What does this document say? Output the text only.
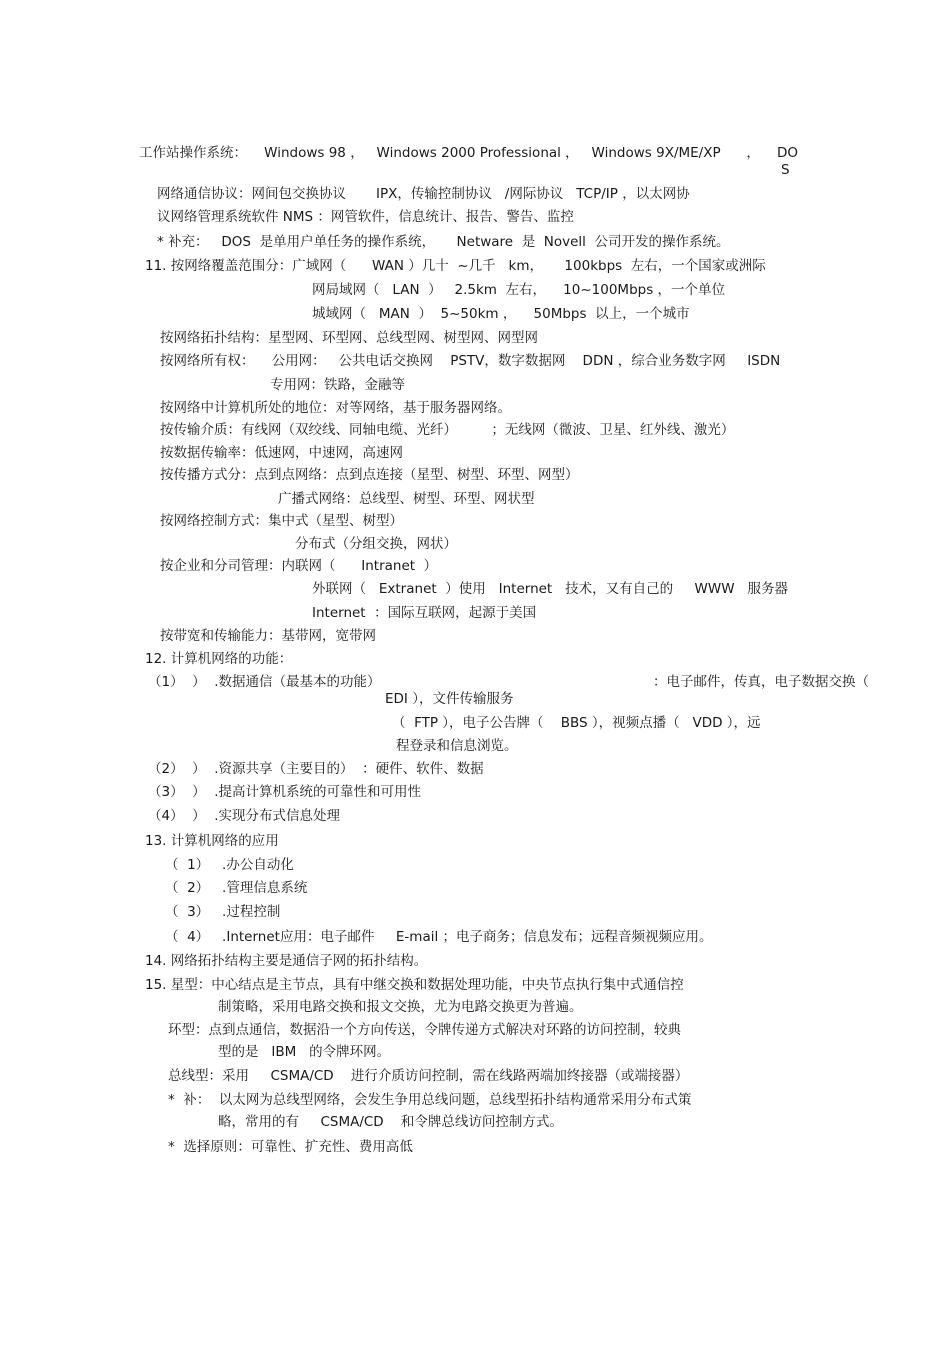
工作站操作系统：    Windows 98 ，   Windows 2000 Professional ，   Windows 9X/ME/XP      ，    DO
S
网络通信协议：网间包交换协议       IPX，传输控制协议   /网际协议   TCP/IP ，以太网协
议网络管理系统软件 NMS ：网管软件，信息统计、报告、警告、监控
* 补充：   DOS  是单用户单任务的操作系统，     Netware  是  Novell  公司开发的操作系统。
11. 按网络覆盖范围分：广域网（      WAN ）几十  ~几千   km，     100kbps  左右，一个国家或洲际
网局域网（   LAN  ）   2.5km  左右，    10~100Mbps ，一个单位
城域网（   MAN  ）  5~50km ，    50Mbps  以上，一个城市
按网络拓扑结构：星型网、环型网、总线型网、树型网、网型网
按网络所有权：    公用网：   公共电话交换网    PSTV，数字数据网    DDN ，综合业务数字网     ISDN
专用网：铁路，金融等
按网络中计算机所处的地位：对等网络，基于服务器网络。
按传输介质：有线网（双绞线、同轴电缆、光纤）        ；无线网（微波、卫星、红外线、激光）
按数据传输率：低速网，中速网，高速网
按传播方式分：点到点网络：点到点连接（星型、树型、环型、网型）
广播式网络：总线型、树型、环型、网状型
按网络控制方式：集中式（星型、树型）
分布式（分组交换，网状）
按企业和分司管理：内联网（      Intranet  ）
外联网（   Extranet  ）使用   Internet   技术，又有自己的     WWW   服务器
Internet  ：国际互联网，起源于美国
按带宽和传输能力：基带网，宽带网
12. 计算机网络的功能：
（1）  ）  .数据通信（最基本的功能）	：电子邮件，传真，电子数据交换（
EDI ），文件传输服务
（  FTP ），电子公告牌（    BBS ），视频点播（   VDD ），远
程登录和信息浏览。
（2）  ）  .资源共享（主要目的）  ：硬件、软件、数据
（3）  ）  .提高计算机系统的可靠性和可用性
（4）  ）  .实现分布式信息处理
13. 计算机网络的应用
（  1）   .办公自动化
（  2）   .管理信息系统
（  3）   .过程控制
（  4）   .Internet应用：电子邮件     E-mail ；电子商务；信息发布；远程音频视频应用。
14. 网络拓扑结构主要是通信子网的拓扑结构。
15. 星型：中心结点是主节点，具有中继交换和数据处理功能，中央节点执行集中式通信控
制策略，采用电路交换和报文交换，尤为电路交换更为普遍。
环型：点到点通信，数据沿一个方向传送，令牌传递方式解决对环路的访问控制，较典
型的是   IBM   的令牌环网。
总线型：采用     CSMA/CD    进行介质访问控制，需在线路两端加终接器（或端接器）
*  补：  以太网为总线型网络，会发生争用总线问题，总线型拓扑结构通常采用分布式策
略，常用的有     CSMA/CD    和令牌总线访问控制方式。
*  选择原则：可靠性、扩充性、费用高低
